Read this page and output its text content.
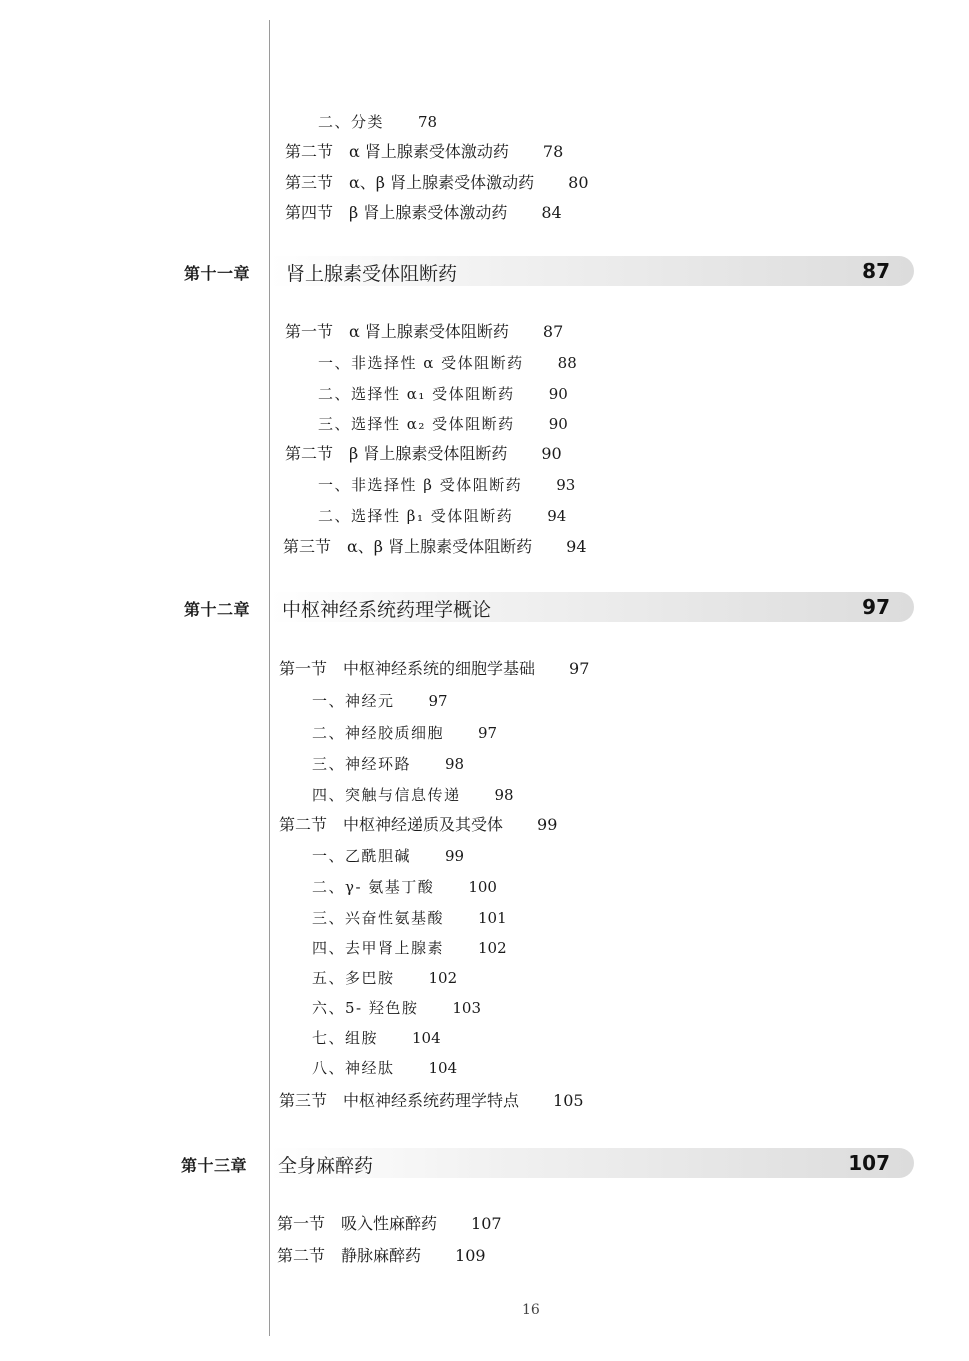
二、分类 78
第二节　α 肾上腺素受体激动药 78
第三节　α、β 肾上腺素受体激动药 80
第四节　β 肾上腺素受体激动药 84
第十一章 肾上腺素受体阻断药	87
第一节　α 肾上腺素受体阻断药 87
一、非选择性 α 受体阻断药 88
二、选择性 α₁ 受体阻断药 90
三、选择性 α₂ 受体阻断药 90
第二节　β 肾上腺素受体阻断药 90
一、非选择性 β 受体阻断药 93
二、选择性 β₁ 受体阻断药 94
第三节　α、β 肾上腺素受体阻断药 94
第十二章 中枢神经系统药理学概论	97
第一节　中枢神经系统的细胞学基础 97
一、神经元 97
二、神经胶质细胞 97
三、神经环路 98
四、突触与信息传递 98
第二节　中枢神经递质及其受体 99
一、乙酰胆碱 99
二、γ- 氨基丁酸 100
三、兴奋性氨基酸 101
四、去甲肾上腺素 102
五、多巴胺 102
六、5- 羟色胺 103
七、组胺 104
八、神经肽 104
第三节　中枢神经系统药理学特点 105
第十三章 全身麻醉药	107
第一节　吸入性麻醉药 107
第二节　静脉麻醉药 109
16
